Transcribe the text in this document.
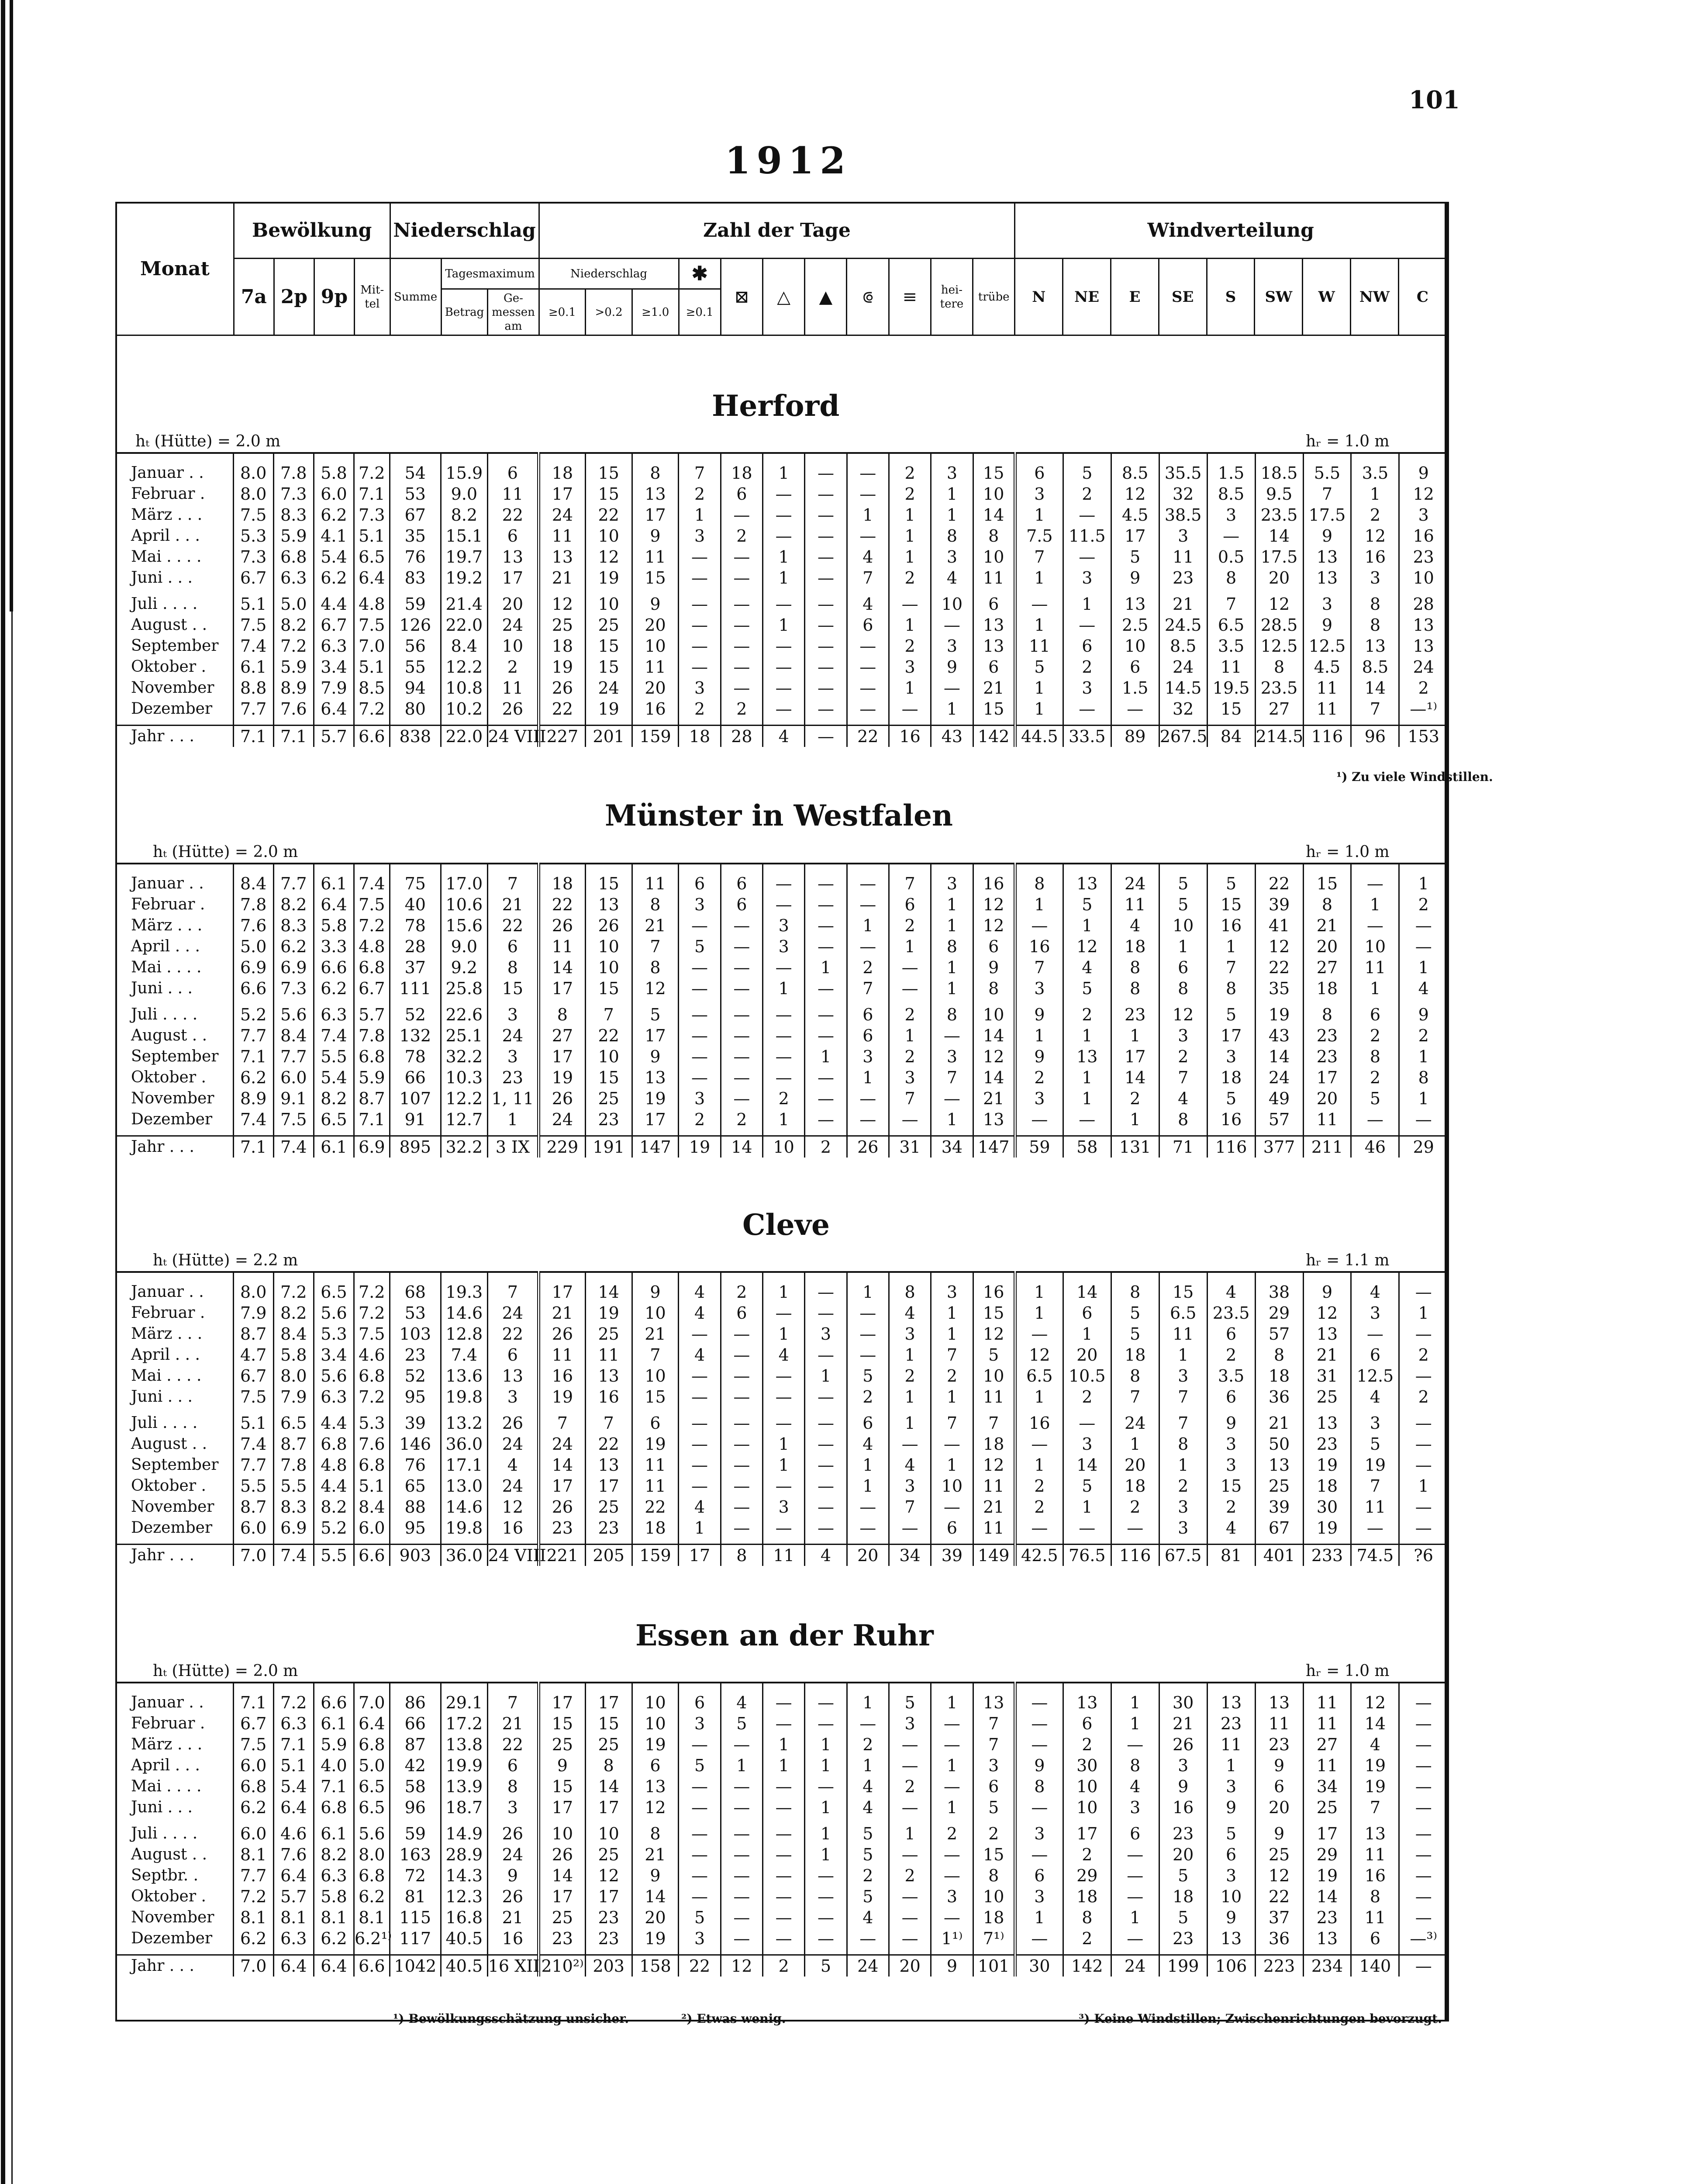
101
1912
Monat	Bewölkung				Niederschlag			Zahl der Tage											Windverteilung								
	7a	2p	9p	Mit-tel	Summe	Tagesmaximum		Niederschlag			✱	⊠	△	▲	⟃	≡	hei-tere	trübe	N	NE	E	SE	S	SW	W	NW	C
						Betrag	Ge-messen am	≥0.1	>0.2	≥1.0	≥0.1																
Herford
hₜ (Hütte) = 2.0 m	hᵣ = 1.0 m

Januar . .	8.0	7.8	5.8	7.2	54	15.9	6	18	15	8	7	18	1	—	—	2	3	15	6	5	8.5	35.5	1.5	18.5	5.5	3.5	9
Februar .	8.0	7.3	6.0	7.1	53	9.0	11	17	15	13	2	6	—	—	—	2	1	10	3	2	12	32	8.5	9.5	7	1	12
März . . .	7.5	8.3	6.2	7.3	67	8.2	22	24	22	17	1	—	—	—	1	1	1	14	1	—	4.5	38.5	3	23.5	17.5	2	3
April . . .	5.3	5.9	4.1	5.1	35	15.1	6	11	10	9	3	2	—	—	—	1	8	8	7.5	11.5	17	3	—	14	9	12	16
Mai . . . .	7.3	6.8	5.4	6.5	76	19.7	13	13	12	11	—	—	1	—	4	1	3	10	7	—	5	11	0.5	17.5	13	16	23
Juni . . .	6.7	6.3	6.2	6.4	83	19.2	17	21	19	15	—	—	1	—	7	2	4	11	1	3	9	23	8	20	13	3	10

Juli . . . .	5.1	5.0	4.4	4.8	59	21.4	20	12	10	9	—	—	—	—	4	—	10	6	—	1	13	21	7	12	3	8	28
August . .	7.5	8.2	6.7	7.5	126	22.0	24	25	25	20	—	—	1	—	6	1	—	13	1	—	2.5	24.5	6.5	28.5	9	8	13
September	7.4	7.2	6.3	7.0	56	8.4	10	18	15	10	—	—	—	—	—	2	3	13	11	6	10	8.5	3.5	12.5	12.5	13	13
Oktober .	6.1	5.9	3.4	5.1	55	12.2	2	19	15	11	—	—	—	—	—	3	9	6	5	2	6	24	11	8	4.5	8.5	24
November	8.8	8.9	7.9	8.5	94	10.8	11	26	24	20	3	—	—	—	—	1	—	21	1	3	1.5	14.5	19.5	23.5	11	14	2
Dezember	7.7	7.6	6.4	7.2	80	10.2	26	22	19	16	2	2	—	—	—	—	1	15	1	—	—	32	15	27	11	7	—¹⁾

Jahr . . .	7.1	7.1	5.7	6.6	838	22.0	24 VIII	227	201	159	18	28	4	—	22	16	43	142	44.5	33.5	89	267.5	84	214.5	116	96	153
¹) Zu viele Windstillen.
Münster in Westfalen
hₜ (Hütte) = 2.0 m	hᵣ = 1.0 m

Januar . .	8.4	7.7	6.1	7.4	75	17.0	7	18	15	11	6	6	—	—	—	7	3	16	8	13	24	5	5	22	15	—	1
Februar .	7.8	8.2	6.4	7.5	40	10.6	21	22	13	8	3	6	—	—	—	6	1	12	1	5	11	5	15	39	8	1	2
März . . .	7.6	8.3	5.8	7.2	78	15.6	22	26	26	21	—	—	3	—	1	2	1	12	—	1	4	10	16	41	21	—	—
April . . .	5.0	6.2	3.3	4.8	28	9.0	6	11	10	7	5	—	3	—	—	1	8	6	16	12	18	1	1	12	20	10	—
Mai . . . .	6.9	6.9	6.6	6.8	37	9.2	8	14	10	8	—	—	—	1	2	—	1	9	7	4	8	6	7	22	27	11	1
Juni . . .	6.6	7.3	6.2	6.7	111	25.8	15	17	15	12	—	—	1	—	7	—	1	8	3	5	8	8	8	35	18	1	4

Juli . . . .	5.2	5.6	6.3	5.7	52	22.6	3	8	7	5	—	—	—	—	6	2	8	10	9	2	23	12	5	19	8	6	9
August . .	7.7	8.4	7.4	7.8	132	25.1	24	27	22	17	—	—	—	—	6	1	—	14	1	1	1	3	17	43	23	2	2
September	7.1	7.7	5.5	6.8	78	32.2	3	17	10	9	—	—	—	1	3	2	3	12	9	13	17	2	3	14	23	8	1
Oktober .	6.2	6.0	5.4	5.9	66	10.3	23	19	15	13	—	—	—	—	1	3	7	14	2	1	14	7	18	24	17	2	8
November	8.9	9.1	8.2	8.7	107	12.2	1, 11	26	25	19	3	—	2	—	—	7	—	21	3	1	2	4	5	49	20	5	1
Dezember	7.4	7.5	6.5	7.1	91	12.7	1	24	23	17	2	2	1	—	—	—	1	13	—	—	1	8	16	57	11	—	—

Jahr . . .	7.1	7.4	6.1	6.9	895	32.2	3 IX	229	191	147	19	14	10	2	26	31	34	147	59	58	131	71	116	377	211	46	29
Cleve
hₜ (Hütte) = 2.2 m	hᵣ = 1.1 m

Januar . .	8.0	7.2	6.5	7.2	68	19.3	7	17	14	9	4	2	1	—	1	8	3	16	1	14	8	15	4	38	9	4	—
Februar .	7.9	8.2	5.6	7.2	53	14.6	24	21	19	10	4	6	—	—	—	4	1	15	1	6	5	6.5	23.5	29	12	3	1
März . . .	8.7	8.4	5.3	7.5	103	12.8	22	26	25	21	—	—	1	3	—	3	1	12	—	1	5	11	6	57	13	—	—
April . . .	4.7	5.8	3.4	4.6	23	7.4	6	11	11	7	4	—	4	—	—	1	7	5	12	20	18	1	2	8	21	6	2
Mai . . . .	6.7	8.0	5.6	6.8	52	13.6	13	16	13	10	—	—	—	1	5	2	2	10	6.5	10.5	8	3	3.5	18	31	12.5	—
Juni . . .	7.5	7.9	6.3	7.2	95	19.8	3	19	16	15	—	—	—	—	2	1	1	11	1	2	7	7	6	36	25	4	2

Juli . . . .	5.1	6.5	4.4	5.3	39	13.2	26	7	7	6	—	—	—	—	6	1	7	7	16	—	24	7	9	21	13	3	—
August . .	7.4	8.7	6.8	7.6	146	36.0	24	24	22	19	—	—	1	—	4	—	—	18	—	3	1	8	3	50	23	5	—
September	7.7	7.8	4.8	6.8	76	17.1	4	14	13	11	—	—	1	—	1	4	1	12	1	14	20	1	3	13	19	19	—
Oktober .	5.5	5.5	4.4	5.1	65	13.0	24	17	17	11	—	—	—	—	1	3	10	11	2	5	18	2	15	25	18	7	1
November	8.7	8.3	8.2	8.4	88	14.6	12	26	25	22	4	—	3	—	—	7	—	21	2	1	2	3	2	39	30	11	—
Dezember	6.0	6.9	5.2	6.0	95	19.8	16	23	23	18	1	—	—	—	—	—	6	11	—	—	—	3	4	67	19	—	—

Jahr . . .	7.0	7.4	5.5	6.6	903	36.0	24 VIII	221	205	159	17	8	11	4	20	34	39	149	42.5	76.5	116	67.5	81	401	233	74.5	?6
Essen an der Ruhr
hₜ (Hütte) = 2.0 m	hᵣ = 1.0 m

Januar . .	7.1	7.2	6.6	7.0	86	29.1	7	17	17	10	6	4	—	—	1	5	1	13	—	13	1	30	13	13	11	12	—
Februar .	6.7	6.3	6.1	6.4	66	17.2	21	15	15	10	3	5	—	—	—	3	—	7	—	6	1	21	23	11	11	14	—
März . . .	7.5	7.1	5.9	6.8	87	13.8	22	25	25	19	—	—	1	1	2	—	—	7	—	2	—	26	11	23	27	4	—
April . . .	6.0	5.1	4.0	5.0	42	19.9	6	9	8	6	5	1	1	1	1	—	1	3	9	30	8	3	1	9	11	19	—
Mai . . . .	6.8	5.4	7.1	6.5	58	13.9	8	15	14	13	—	—	—	—	4	2	—	6	8	10	4	9	3	6	34	19	—
Juni . . .	6.2	6.4	6.8	6.5	96	18.7	3	17	17	12	—	—	—	1	4	—	1	5	—	10	3	16	9	20	25	7	—

Juli . . . .	6.0	4.6	6.1	5.6	59	14.9	26	10	10	8	—	—	—	1	5	1	2	2	3	17	6	23	5	9	17	13	—
August . .	8.1	7.6	8.2	8.0	163	28.9	24	26	25	21	—	—	—	1	5	—	—	15	—	2	—	20	6	25	29	11	—
Septbr. .	7.7	6.4	6.3	6.8	72	14.3	9	14	12	9	—	—	—	—	2	2	—	8	6	29	—	5	3	12	19	16	—
Oktober .	7.2	5.7	5.8	6.2	81	12.3	26	17	17	14	—	—	—	—	5	—	3	10	3	18	—	18	10	22	14	8	—
November	8.1	8.1	8.1	8.1	115	16.8	21	25	23	20	5	—	—	—	4	—	—	18	1	8	1	5	9	37	23	11	—
Dezember	6.2	6.3	6.2	6.2¹⁾	117	40.5	16	23	23	19	3	—	—	—	—	—	1¹⁾	7¹⁾	—	2	—	23	13	36	13	6	—³⁾

Jahr . . .	7.0	6.4	6.4	6.6	1042	40.5	16 XII	210²⁾	203	158	22	12	2	5	24	20	9	101	30	142	24	199	106	223	234	140	—
¹) Bewölkungsschätzung unsicher.	²) Etwas wenig.	³) Keine Windstillen; Zwischenrichtungen bevorzugt.
